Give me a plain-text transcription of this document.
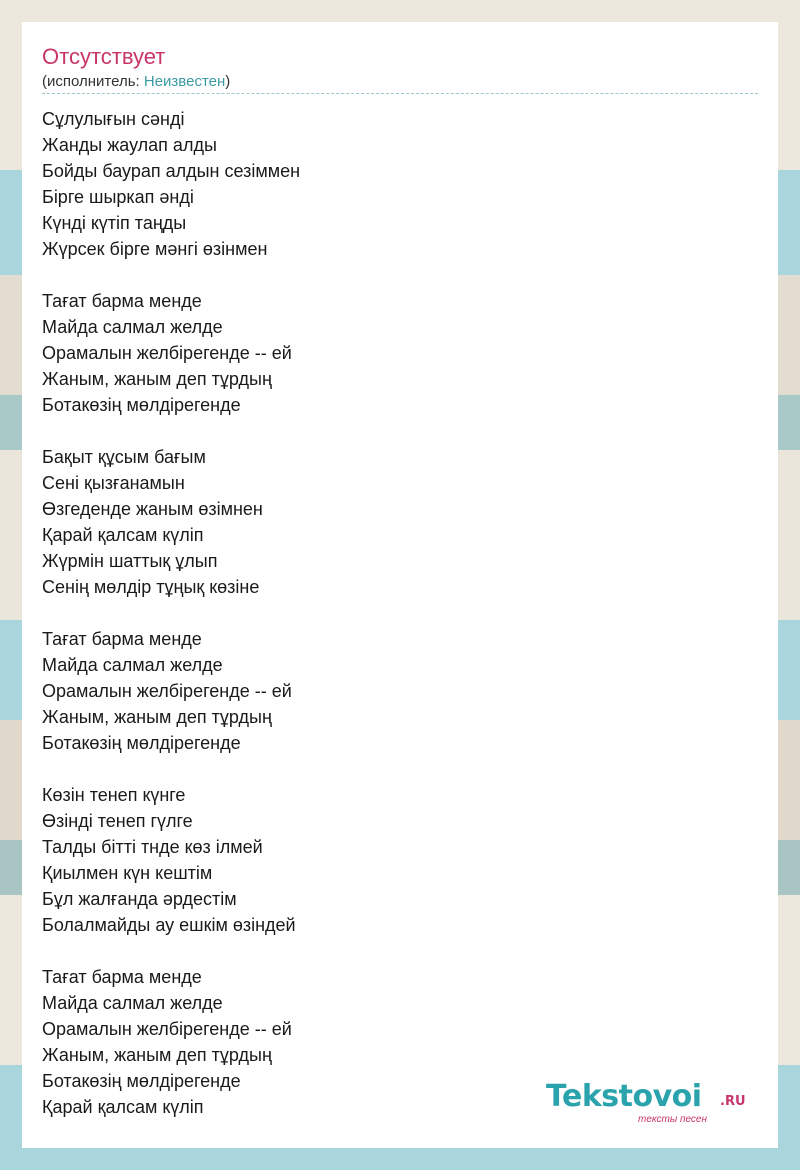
Отсутствует
(исполнитель: Неизвестен)
Сұлулығын сәнді
Жанды жаулап алды
Бойды баурап алдын сезіммен
Бірге шыркап әнді
Күнді күтіп таңды
Жүрсек бірге мәнгі өзінмен
Тағат барма менде
Майда салмал желде
Орамалын желбірегенде -- ей
Жаным, жаным деп тұрдың
Ботакөзің мөлдірегенде
Бақыт құсым бағым
Сені қызғанамын
Өзгеденде жаным өзімнен
Қарай қалсам күліп
Жүрмін шаттық ұлып
Сенің мөлдір тұңық көзіне
Тағат барма менде
Майда салмал желде
Орамалын желбірегенде -- ей
Жаным, жаным деп тұрдың
Ботакөзің мөлдірегенде
Көзін тенеп күнге
Өзінді тенеп гүлге
Талды бітті тнде көз ілмей
Қиылмен күн кештім
Бұл жалғанда әрдестім
Болалмайды ау ешкім өзіндей
Тағат барма менде
Майда салмал желде
Орамалын желбірегенде -- ей
Жаным, жаным деп тұрдың
Ботакөзің мөлдірегенде
Қарай қалсам күліп	Tekstovoi .RU
тексты песен
